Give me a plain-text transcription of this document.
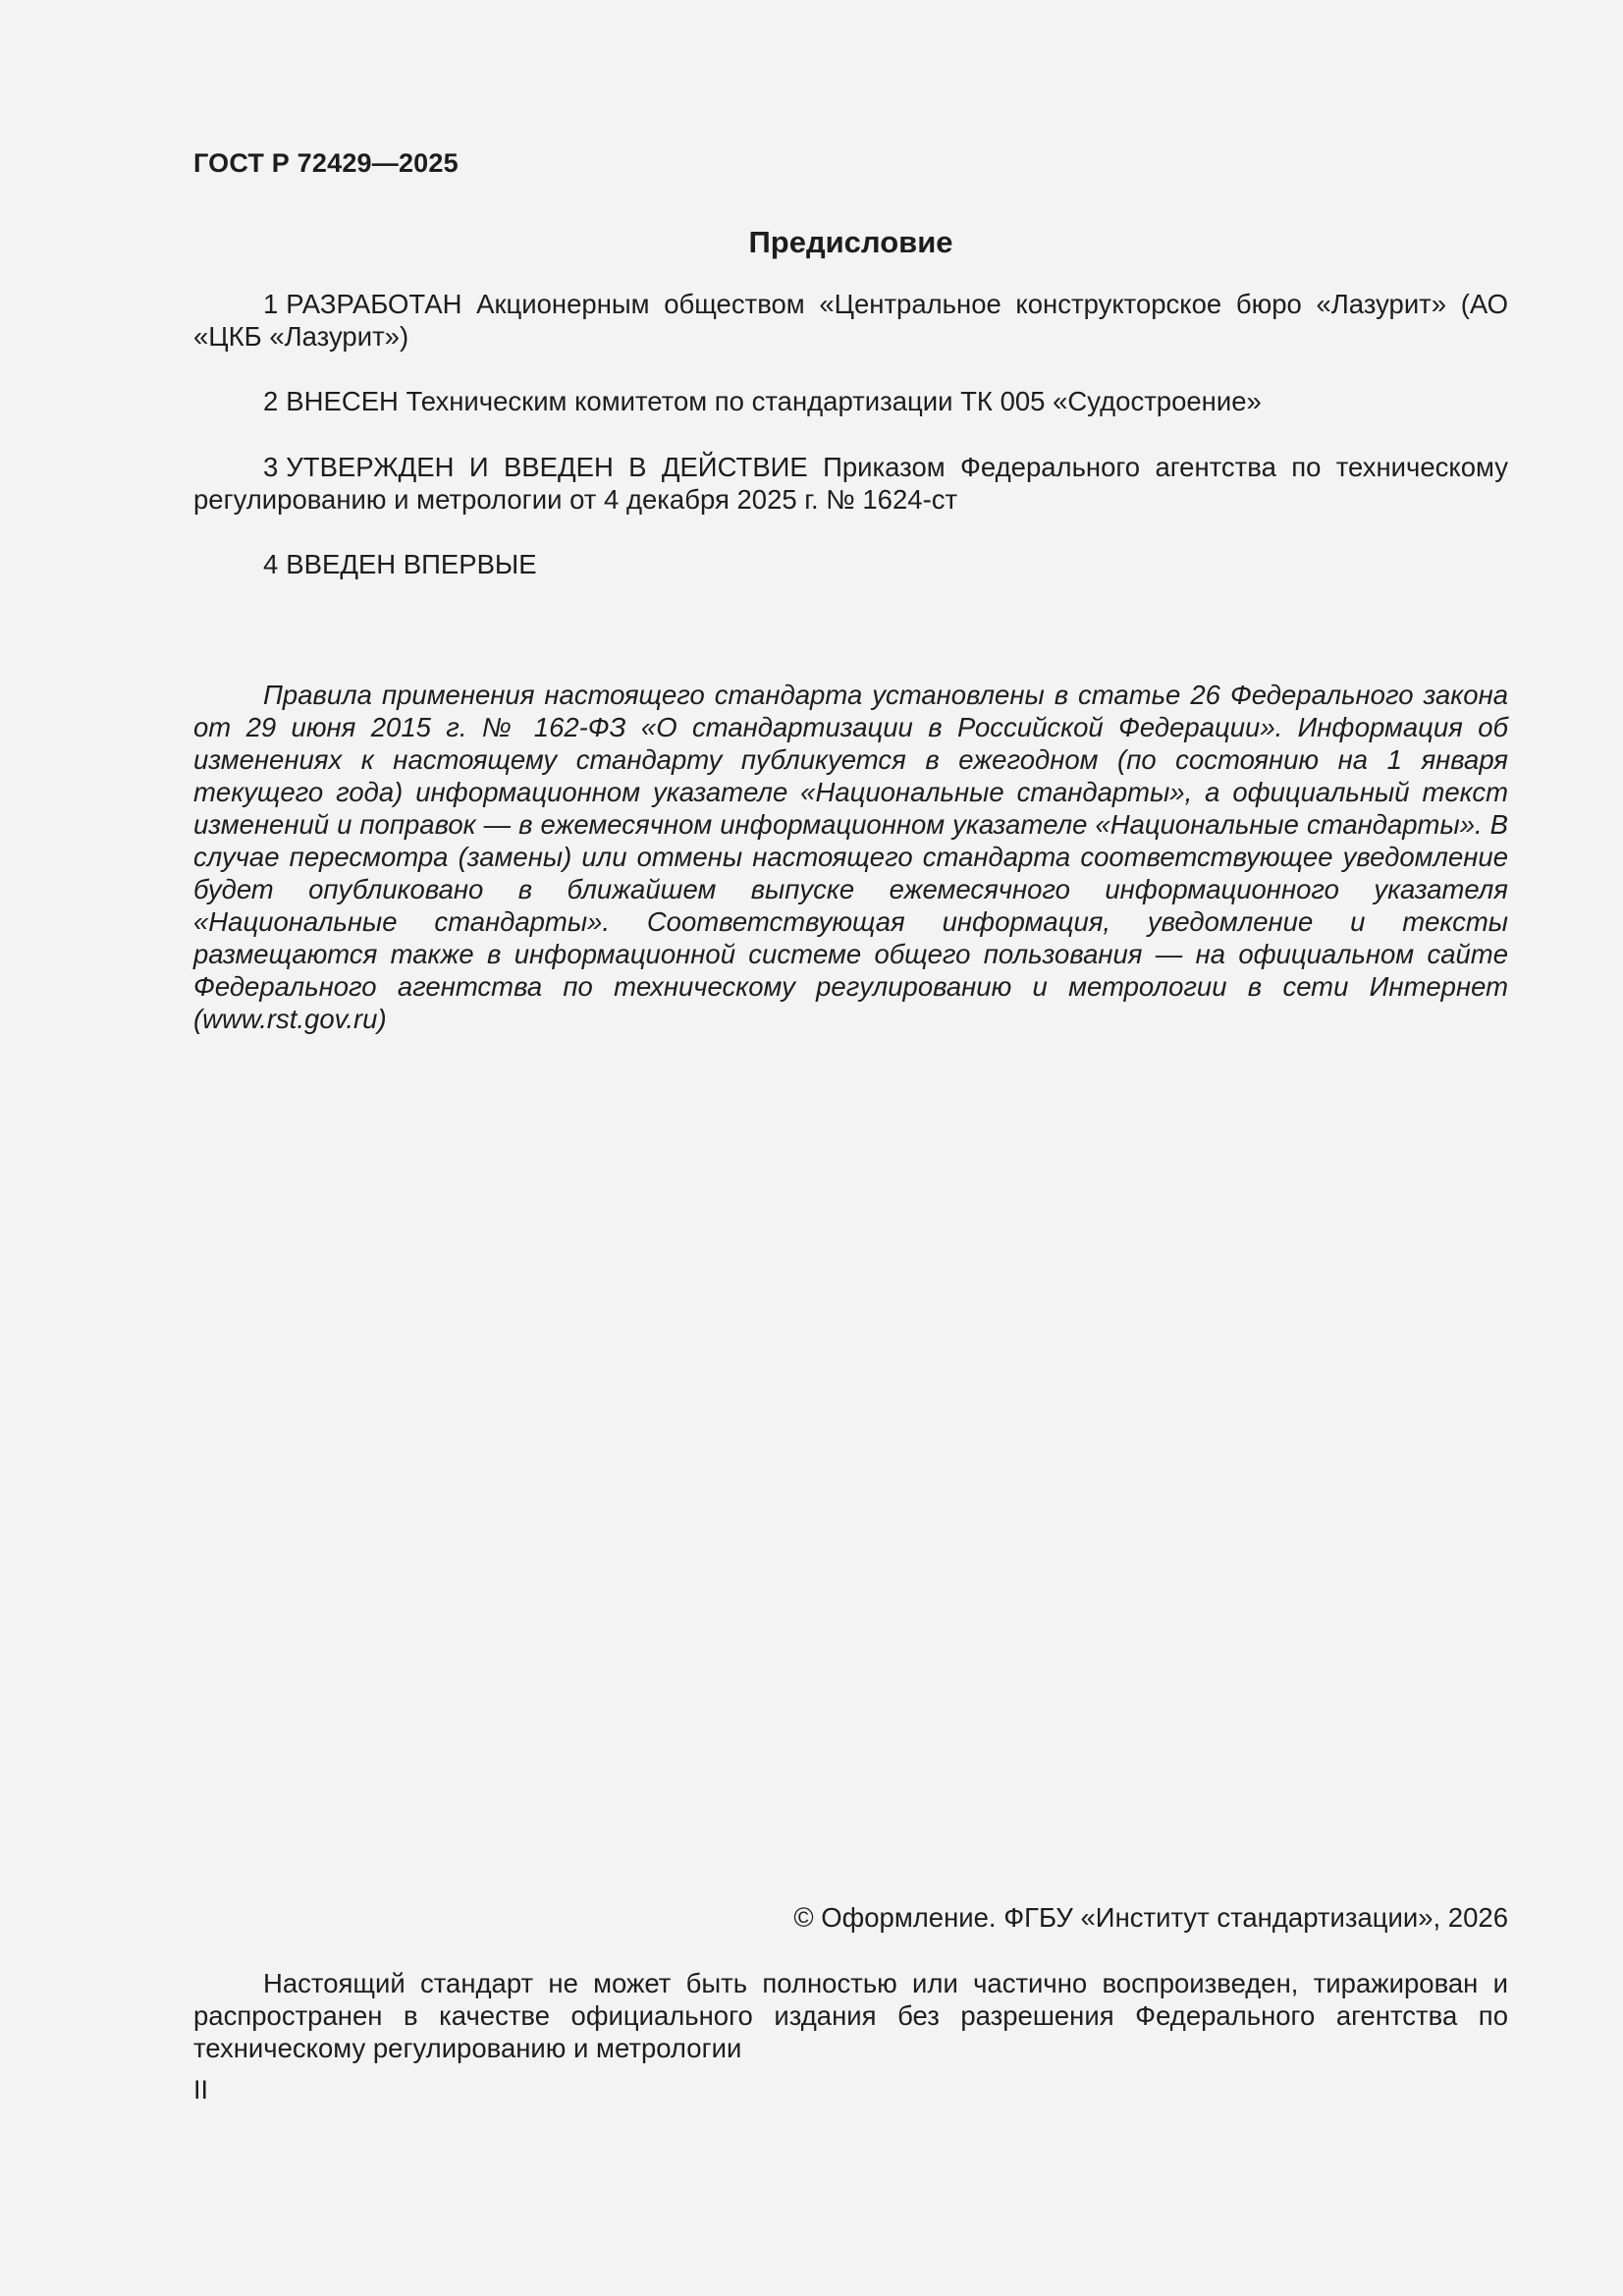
ГОСТ Р 72429—2025
Предисловие

1 РАЗРАБОТАН Акционерным обществом «Центральное конструкторское бюро «Лазурит» (АО «ЦКБ «Лазурит»)

2 ВНЕСЕН Техническим комитетом по стандартизации ТК 005 «Судостроение»

3 УТВЕРЖДЕН И ВВЕДЕН В ДЕЙСТВИЕ Приказом Федерального агентства по техническому регулированию и метрологии от 4 декабря 2025 г. № 1624-ст

4 ВВЕДЕН ВПЕРВЫЕ

Правила применения настоящего стандарта установлены в статье 26 Федерального закона от 29 июня 2015 г. № 162-ФЗ «О стандартизации в Российской Федерации». Информация об изменениях к настоящему стандарту публикуется в ежегодном (по состоянию на 1 января текущего года) информационном указателе «Национальные стандарты», а официальный текст изменений и поправок — в ежемесячном информационном указателе «Национальные стандарты». В случае пересмотра (замены) или отмены настоящего стандарта соответствующее уведомление будет опубликовано в ближайшем выпуске ежемесячного информационного указателя «Национальные стандарты». Соответствующая информация, уведомление и тексты размещаются также в информационной системе общего пользования — на официальном сайте Федерального агентства по техническому регулированию и метрологии в сети Интернет (www.rst.gov.ru)

© Оформление. ФГБУ «Институт стандартизации», 2026

Настоящий стандарт не может быть полностью или частично воспроизведен, тиражирован и распространен в качестве официального издания без разрешения Федерального агентства по техническому регулированию и метрологии

II
